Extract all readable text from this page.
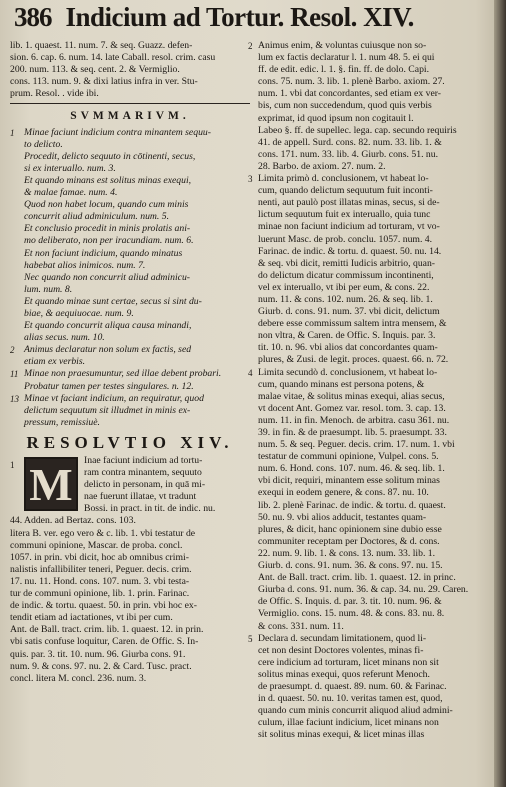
386 Indicium ad Tortur. Resol. XIV.
lib. 1. quaest. 11. num. 7. & seq. Guazz. defen-
sion. 6. cap. 6. num. 14. late Caball. resol. crim. casu
200. num. 113. & seq. cent. 2. & Vermiglio.
cons. 113. num. 9. & dixi latius infra in ver. Stu-
prum. Resol. . vide ibi.
SVMMARIVM.
1 Minae faciunt indicium contra minantem sequu-
to delicto.
Procedit, delicto sequuto in cōtinenti, secus,
si ex interuallo. num. 3.
Et quando minans est solitus minas exequi,
& malae famae. num. 4.
Quod non habet locum, quando cum minis
concurrit aliud adminiculum. num. 5.
Et conclusio procedit in minis prolatis ani-
mo deliberato, non per iracundiam. num. 6.
Et non faciunt indicium, quando minatus
habebat alios inimicos. num. 7.
Nec quando non concurrit aliud adminicu-
lum. num. 8.
Et quando minae sunt certae, secus si sint du-
biae, & aequiuocae. num. 9.
Et quando concurrit aliqua causa minandi,
alias secus. num. 10.
2 Animus declaratur non solum ex factis, sed
etiam ex verbis.
11 Minae non praesumuntur, sed illae debent probari.
Probatur tamen per testes singulares. n. 12.
13 Minae vt faciant indicium, an requiratur, quod
delictum sequutum sit illudmet in minis ex-
pressum, remissiuè.
RESOLVTIO XIV.
1 M	Inae faciunt indicium ad tortu-
ram contra minantem, sequuto
delicto in personam, in quā mi-
nae fuerunt illatae, vt tradunt
Bossi. in pract. in tit. de indic. nu.
44. Adden. ad Bertaz. cons. 103.
litera B. ver. ego vero & c. lib. 1. vbi testatur de
communi opinione, Mascar. de proba. concl.
1057. in prin. vbi dicit, hoc ab omnibus crimi-
nalistis infallibiliter teneri, Peguer. decis. crim.
17. nu. 11. Hond. cons. 107. num. 3. vbi testa-
tur de communi opinione, lib. 1. prin. Farinac.
de indic. & tortu. quaest. 50. in prin. vbi hoc ex-
tendit etiam ad iactationes, vt ibi per cum.
Ant. de Ball. tract. crim. lib. 1. quaest. 12. in prin.
vbi satis confuse loquitur, Caren. de Offic. S. In-
quis. par. 3. tit. 10. num. 96. Giurba cons. 91.
num. 9. & cons. 97. nu. 2. & Card. Tusc. pract.
concl. litera M. concl. 236. num. 3.
2 Animus enim, & voluntas cuiusque non so-
lum ex factis declaratur l. 1. num 48. 5. ei qui
ff. de edit. edic. l. 1. §. fin. ff. de dolo. Capi.
cons. 75. num. 3. lib. 1. plenè Barbo. axiom. 27.
num. 1. vbi dat concordantes, sed etiam ex ver-
bis, cum non succedendum, quod quis verbis
exprimat, id quod ipsum non cogitauit l.
Labeo §. ff. de supellec. lega. cap. secundo requiris
41. de appell. Surd. cons. 82. num. 33. lib. 1. &
cons. 171. num. 33. lib. 4. Giurb. cons. 51. nu.
28. Barbo. de axiom. 27. num. 2.
3 Limita primò d. conclusionem, vt habeat lo-
cum, quando delictum sequutum fuit inconti-
nenti, aut paulò post illatas minas, secus, si de-
lictum sequutum fuit ex interuallo, quia tunc
minae non faciunt indicium ad torturam, vt vo-
luerunt Masc. de prob. conclu. 1057. num. 4.
Farinac. de indic. & tortu. d. quaest. 50. nu. 14.
& seq. vbi dicit, remitti Iudicis arbitrio, quan-
do delictum dicatur commissum incontinenti,
vel ex interuallo, vt ibi per eum, & cons. 22.
num. 11. & cons. 102. num. 26. & seq. lib. 1.
Giurb. d. cons. 91. num. 37. vbi dicit, delictum
debere esse commissum saltem intra mensem, &
non vltra, & Caren. de Offic. S. Inquis. par. 3.
tit. 10. n. 96. vbi alios dat concordantes quam-
plures, & Zusi. de legit. proces. quaest. 66. n. 72.
4 Limita secundò d. conclusionem, vt habeat lo-
cum, quando minans est persona potens, &
malae vitae, & solitus minas exequi, alias secus,
vt docent Ant. Gomez var. resol. tom. 3. cap. 13.
num. 11. in fin. Menoch. de arbitra. casu 361. nu.
39. in fin. & de praesumpt. lib. 5. praesumpt. 33.
num. 5. & seq. Peguer. decis. crim. 17. num. 1. vbi
testatur de communi opinione, Vulpel. cons. 5.
num. 6. Hond. cons. 107. num. 46. & seq. lib. 1.
vbi dicit, requiri, minantem esse solitum minas
exequi in eodem genere, & cons. 87. nu. 10.
lib. 2. plenè Farinac. de indic. & tortu. d. quaest.
50. nu. 9. vbi alios adducit, testantes quam-
plures, & dicit, hanc opinionem sine dubio esse
communiter receptam per Doctores, & d. cons.
22. num. 9. lib. 1. & cons. 13. num. 33. lib. 1.
Giurb. d. cons. 91. num. 36. & cons. 97. nu. 15.
Ant. de Ball. tract. crim. lib. 1. quaest. 12. in princ.
Giurba d. cons. 91. num. 36. & cap. 34. nu. 29. Caren.
de Offic. S. Inquis. d. par. 3. tit. 10. num. 96. &
Vermiglio. cons. 15. num. 48. & cons. 83. nu. 8.
& cons. 331. num. 11.
5 Declara d. secundam limitationem, quod li-
cet non desint Doctores volentes, minas fi-
cere indicium ad torturam, licet minans non sit
solitus minas exequi, quos referunt Menoch.
de praesumpt. d. quaest. 89. num. 60. & Farinac.
in d. quaest. 50. nu. 10. veritas tamen est, quod,
quando cum minis concurrit aliquod aliud admini-
culum, illae faciunt indicium, licet minans non
sit solitus minas exequi, & licet minas illas
